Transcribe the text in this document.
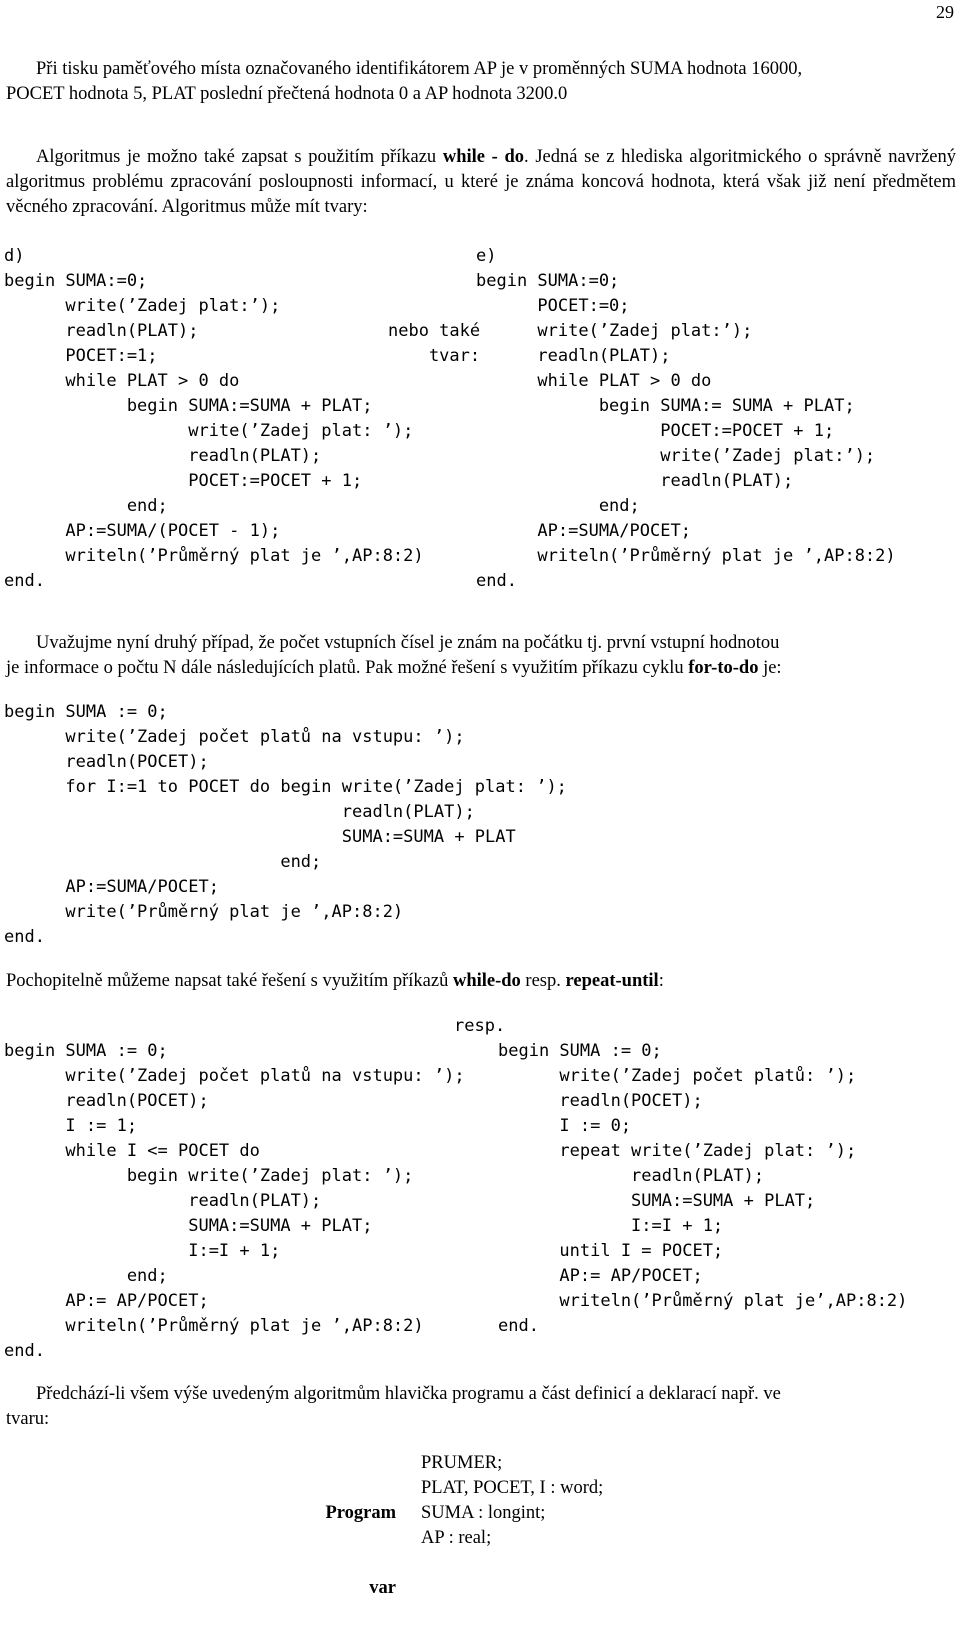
29
Při tisku paměťového místa označovaného identifikátorem AP je v proměnných SUMA hodnota 16000,
POCET hodnota 5, PLAT poslední přečtená hodnota 0 a AP hodnota 3200.0
Algoritmus je možno také zapsat s použitím příkazu while - do. Jedná se z hlediska algoritmického o správně navržený algoritmus problému zpracování posloupnosti informací, u které je známa koncová hodnota, která však již není předmětem věcného zpracování. Algoritmus může mít tvary:
d)
begin SUMA:=0;
write(’Zadej plat:’);
readln(PLAT);
POCET:=1;
while PLAT > 0 do
begin SUMA:=SUMA + PLAT;
write(’Zadej plat: ’);
readln(PLAT);
POCET:=POCET + 1;
end;
AP:=SUMA/(POCET - 1);
writeln(’Průměrný plat je ’,AP:8:2)
end.
nebo také
tvar:
e)
begin SUMA:=0;
POCET:=0;
write(’Zadej plat:’);
readln(PLAT);
while PLAT > 0 do
begin SUMA:= SUMA + PLAT;
POCET:=POCET + 1;
write(’Zadej plat:’);
readln(PLAT);
end;
AP:=SUMA/POCET;
writeln(’Průměrný plat je ’,AP:8:2)
end.
Uvažujme nyní druhý případ, že počet vstupních čísel je znám na počátku tj. první vstupní hodnotou
je informace o počtu N dále následujících platů. Pak možné řešení s využitím příkazu cyklu for-to-do je:
begin SUMA := 0;
write(’Zadej počet platů na vstupu: ’);
readln(POCET);
for I:=1 to POCET do begin write(’Zadej plat: ’);
readln(PLAT);
SUMA:=SUMA + PLAT
end;
AP:=SUMA/POCET;
write(’Průměrný plat je ’,AP:8:2)
end.
Pochopitelně můžeme napsat také řešení s využitím příkazů while-do resp. repeat-until:
resp.
begin SUMA := 0;
write(’Zadej počet platů na vstupu: ’);
readln(POCET);
I := 1;
while I <= POCET do
begin write(’Zadej plat: ’);
readln(PLAT);
SUMA:=SUMA + PLAT;
I:=I + 1;
end;
AP:= AP/POCET;
writeln(’Průměrný plat je ’,AP:8:2)
end.
begin SUMA := 0;
write(’Zadej počet platů: ’);
readln(POCET);
I := 0;
repeat write(’Zadej plat: ’);
readln(PLAT);
SUMA:=SUMA + PLAT;
I:=I + 1;
until I = POCET;
AP:= AP/POCET;
writeln(’Průměrný plat je’,AP:8:2)
end.
Předchází-li všem výše uvedeným algoritmům hlavička programu a část definicí a deklarací např. ve
tvaru:

Program

var

PRUMER;
PLAT, POCET, I : word;
SUMA : longint;
AP : real;
